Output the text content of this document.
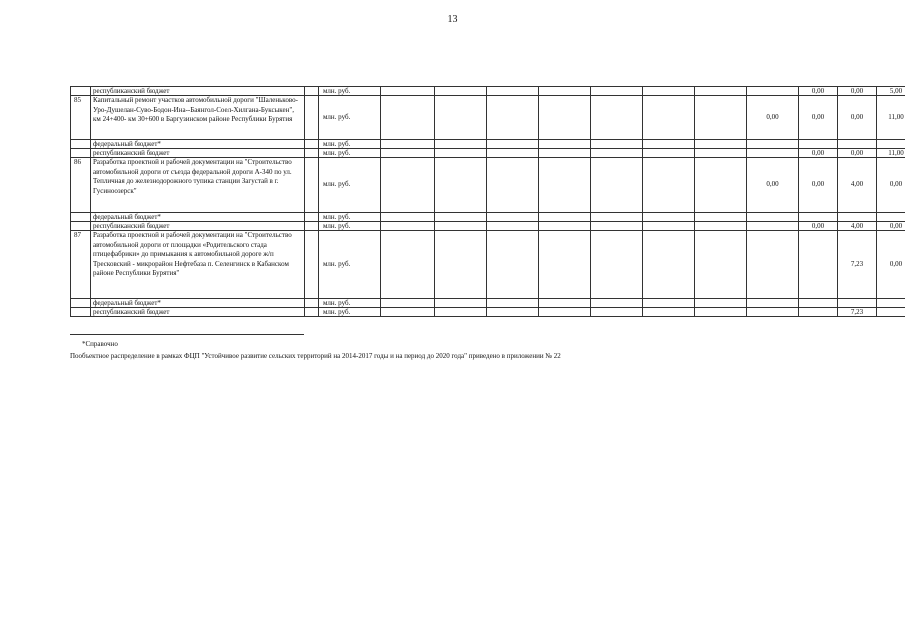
13
	республиканский бюджет		млн. руб.									0,00	0,00	5,00	
85	Капитальный ремонт участков автомобильной дороги "Шаленьково-Уро-Душелан-Суво-Бодон-Ина--Баянгол-Соел-Хилгана-Буксыкен", км 24+400- км 30+600 в Баргузинском районе Республики Бурятия		млн. руб.								0,00	0,00	0,00	11,00	
	федеральный бюджет*		млн. руб.												
	республиканский бюджет		млн. руб.									0,00	0,00	11,00	
86	Разработка проектной и рабочей документации на "Строительство автомобильной дороги от съезда федеральной дороги А-340 по ул. Тепличная до железнодорожного тупика станции Загустай в г. Гусиноозерск"		млн. руб.								0,00	0,00	4,00	0,00	
	федеральный бюджет*		млн. руб.												
	республиканский бюджет		млн. руб.									0,00	4,00	0,00	
87	Разработка проектной и рабочей документации на "Строительство автомобильной дороги от площадки «Родительского стада птицефабрики» до примыкания к автомобильной дороге ж/п Тресковский - микрорайон Нефтебаза п. Селенгинск в Кабанском районе Республики Бурятия"		млн. руб.										7,23	0,00	
	федеральный бюджет*		млн. руб.												
	республиканский бюджет		млн. руб.										7,23		
*Справочно
Пообъектное распределение в рамках ФЦП "Устойчивое развитие сельских территорий на 2014-2017 годы и на период до 2020 года" приведено в приложении № 22
